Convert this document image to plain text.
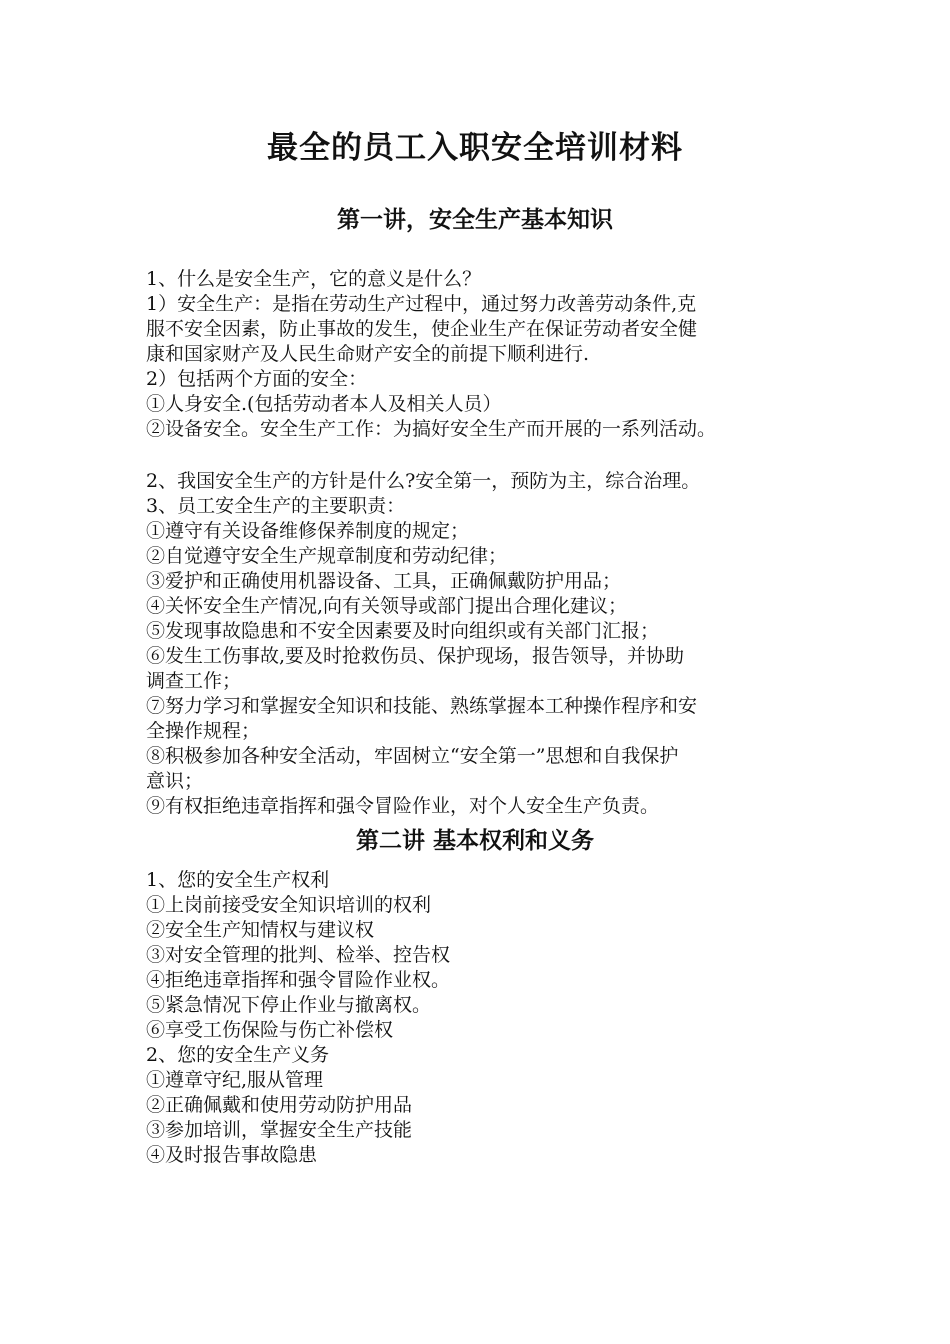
最全的员工入职安全培训材料
第一讲，安全生产基本知识
1、什么是安全生产，它的意义是什么？
1）安全生产：是指在劳动生产过程中，通过努力改善劳动条件,克
服不安全因素，防止事故的发生，使企业生产在保证劳动者安全健
康和国家财产及人民生命财产安全的前提下顺利进行.
2）包括两个方面的安全：
①人身安全.(包括劳动者本人及相关人员）
②设备安全。安全生产工作：为搞好安全生产而开展的一系列活动。
2、我国安全生产的方针是什么?安全第一，预防为主，综合治理。
3、员工安全生产的主要职责：
①遵守有关设备维修保养制度的规定；
②自觉遵守安全生产规章制度和劳动纪律；
③爱护和正确使用机器设备、工具，正确佩戴防护用品；
④关怀安全生产情况,向有关领导或部门提出合理化建议；
⑤发现事故隐患和不安全因素要及时向组织或有关部门汇报；
⑥发生工伤事故,要及时抢救伤员、保护现场，报告领导，并协助
调查工作；
⑦努力学习和掌握安全知识和技能、熟练掌握本工种操作程序和安
全操作规程；
⑧积极参加各种安全活动，牢固树立“安全第一”思想和自我保护
意识；
⑨有权拒绝违章指挥和强令冒险作业，对个人安全生产负责。
第二讲 基本权利和义务
1、您的安全生产权利
①上岗前接受安全知识培训的权利
②安全生产知情权与建议权
③对安全管理的批判、检举、控告权
④拒绝违章指挥和强令冒险作业权。
⑤紧急情况下停止作业与撤离权。
⑥享受工伤保险与伤亡补偿权
2、您的安全生产义务
①遵章守纪,服从管理
②正确佩戴和使用劳动防护用品
③参加培训，掌握安全生产技能
④及时报告事故隐患
